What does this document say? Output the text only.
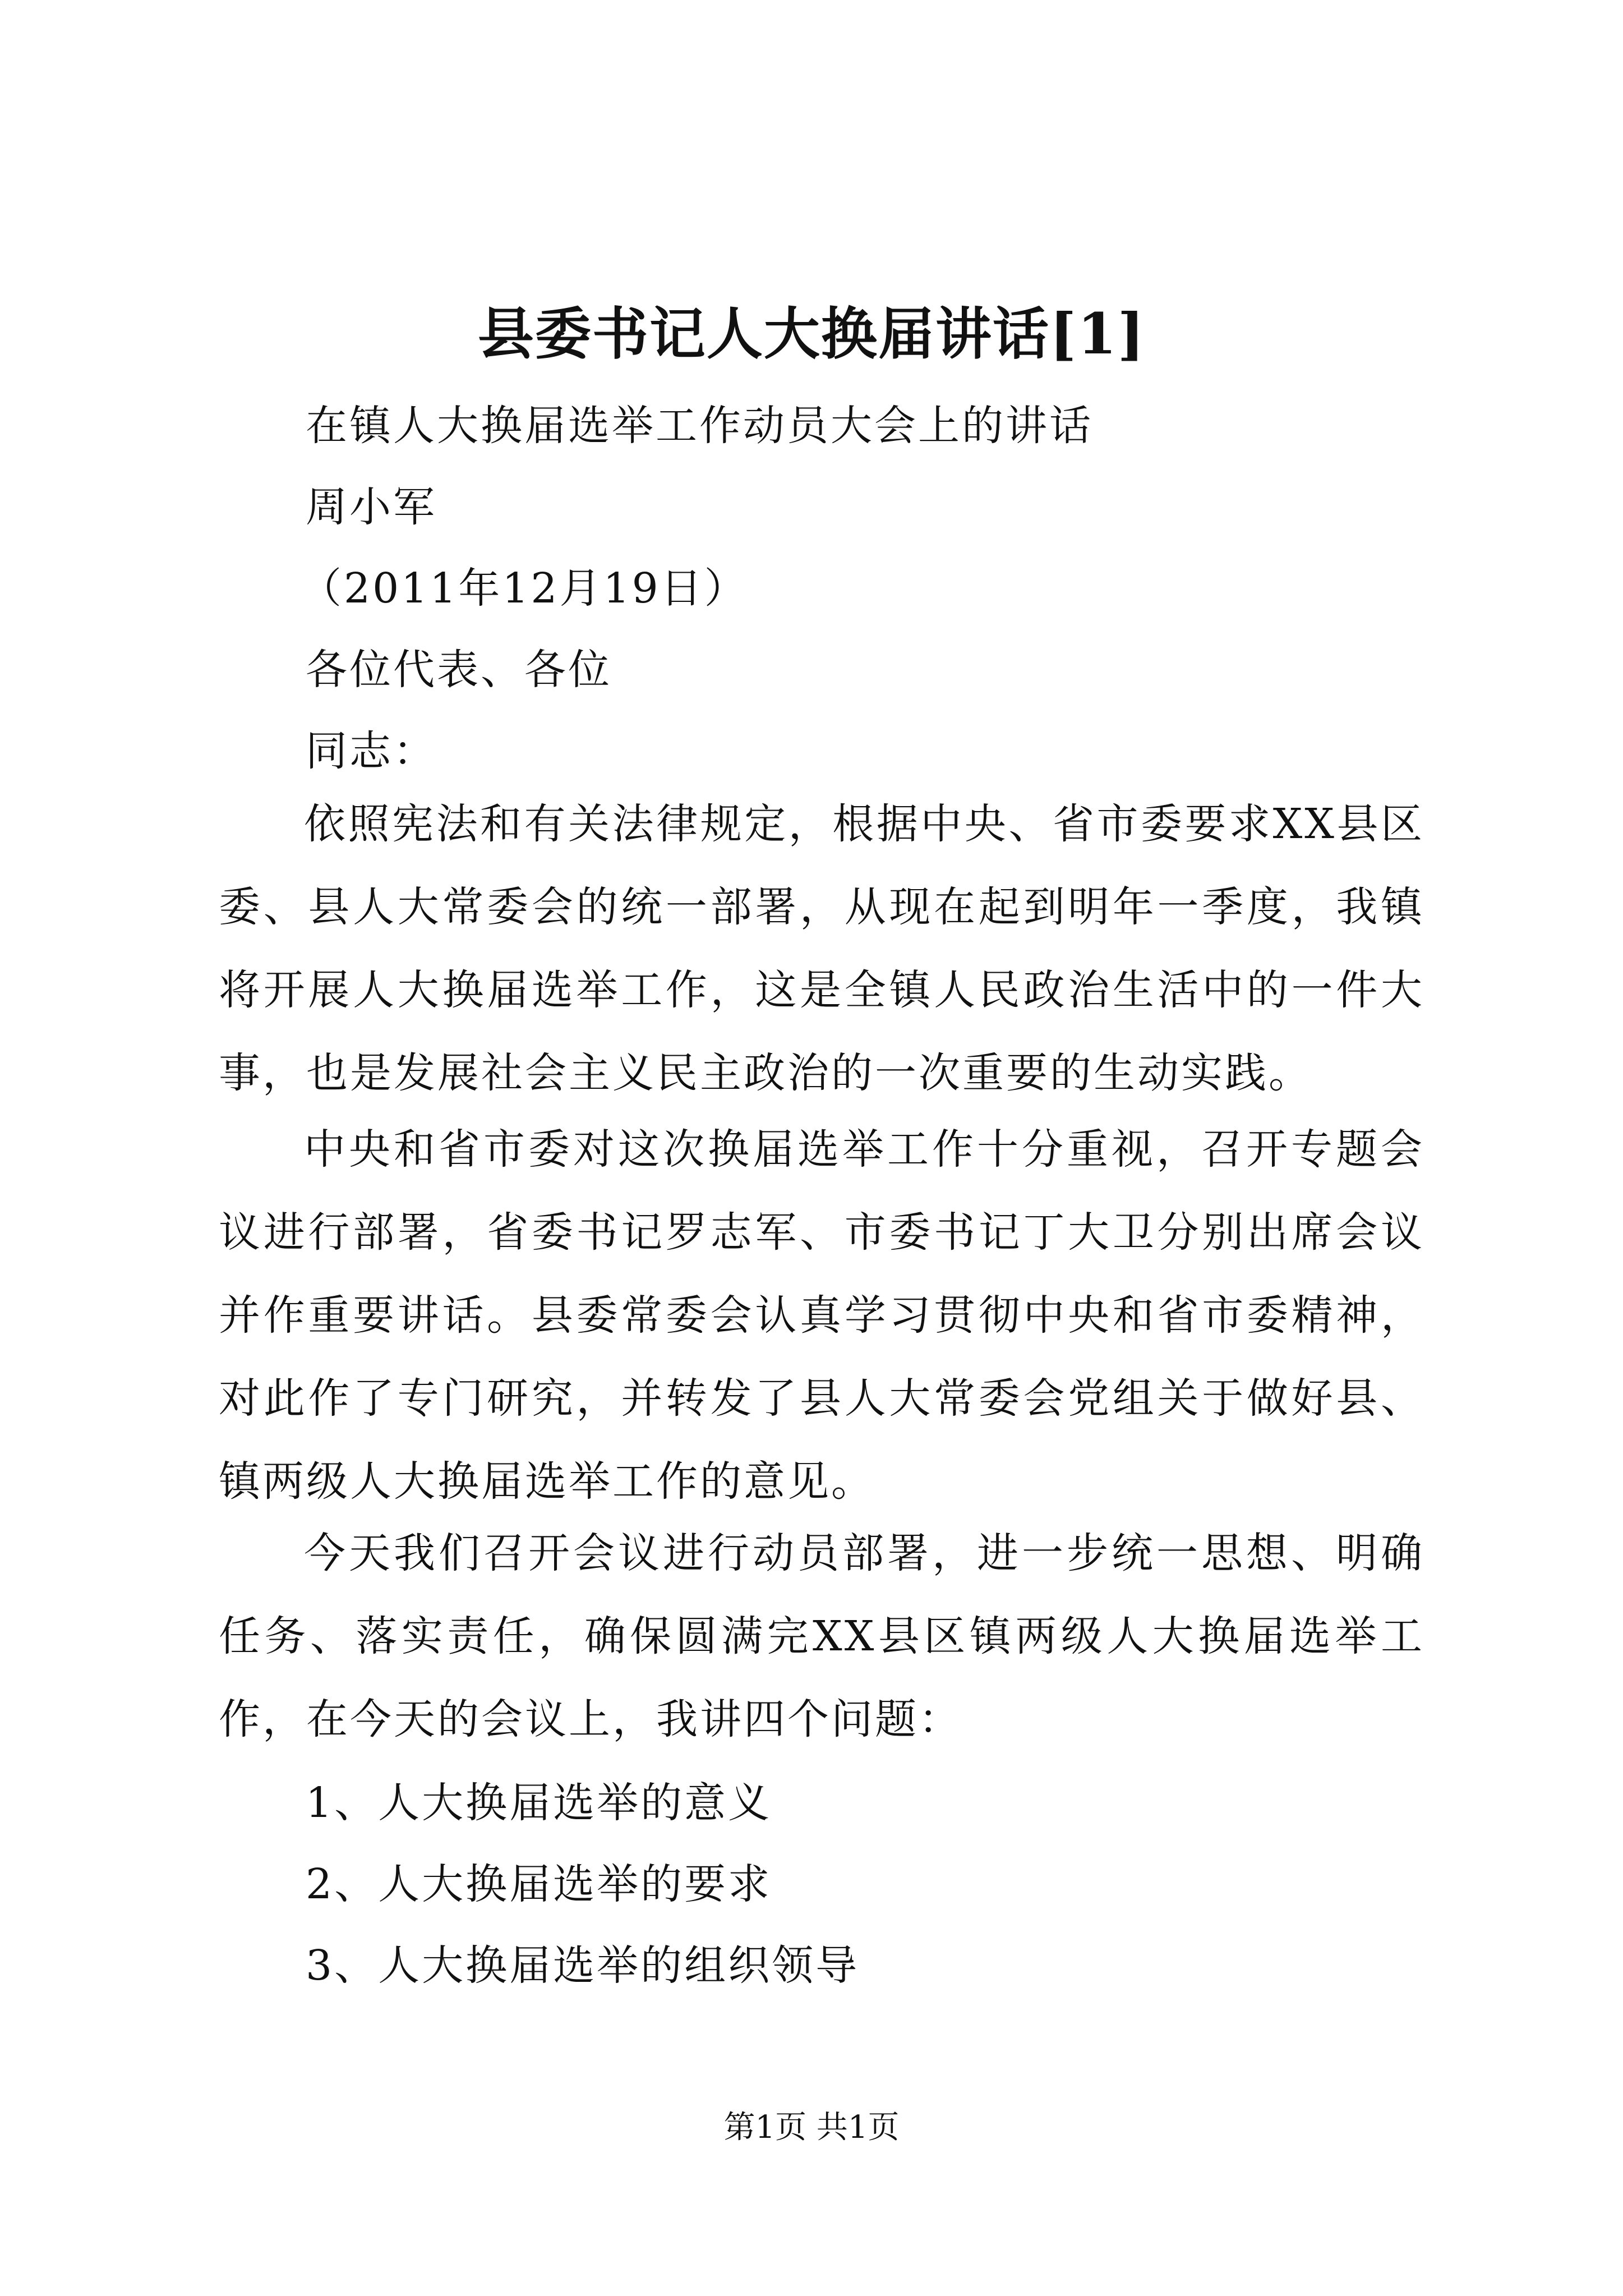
县委书记人大换届讲话[1]
在镇人大换届选举工作动员大会上的讲话
周小军
（2011年12月19日）
各位代表、各位
同志：

依照宪法和有关法律规定，根据中央、省市委要求XX县区委、县人大常委会的统一部署，从现在起到明年一季度，我镇将开展人大换届选举工作，这是全镇人民政治生活中的一件大事，也是发展社会主义民主政治的一次重要的生动实践。

中央和省市委对这次换届选举工作十分重视，召开专题会议进行部署，省委书记罗志军、市委书记丁大卫分别出席会议并作重要讲话。县委常委会认真学习贯彻中央和省市委精神，对此作了专门研究，并转发了县人大常委会党组关于做好县、镇两级人大换届选举工作的意见。

今天我们召开会议进行动员部署，进一步统一思想、明确任务、落实责任，确保圆满完XX县区镇两级人大换届选举工作，在今天的会议上，我讲四个问题：

1、人大换届选举的意义
2、人大换届选举的要求
3、人大换届选举的组织领导
第1页 共1页
